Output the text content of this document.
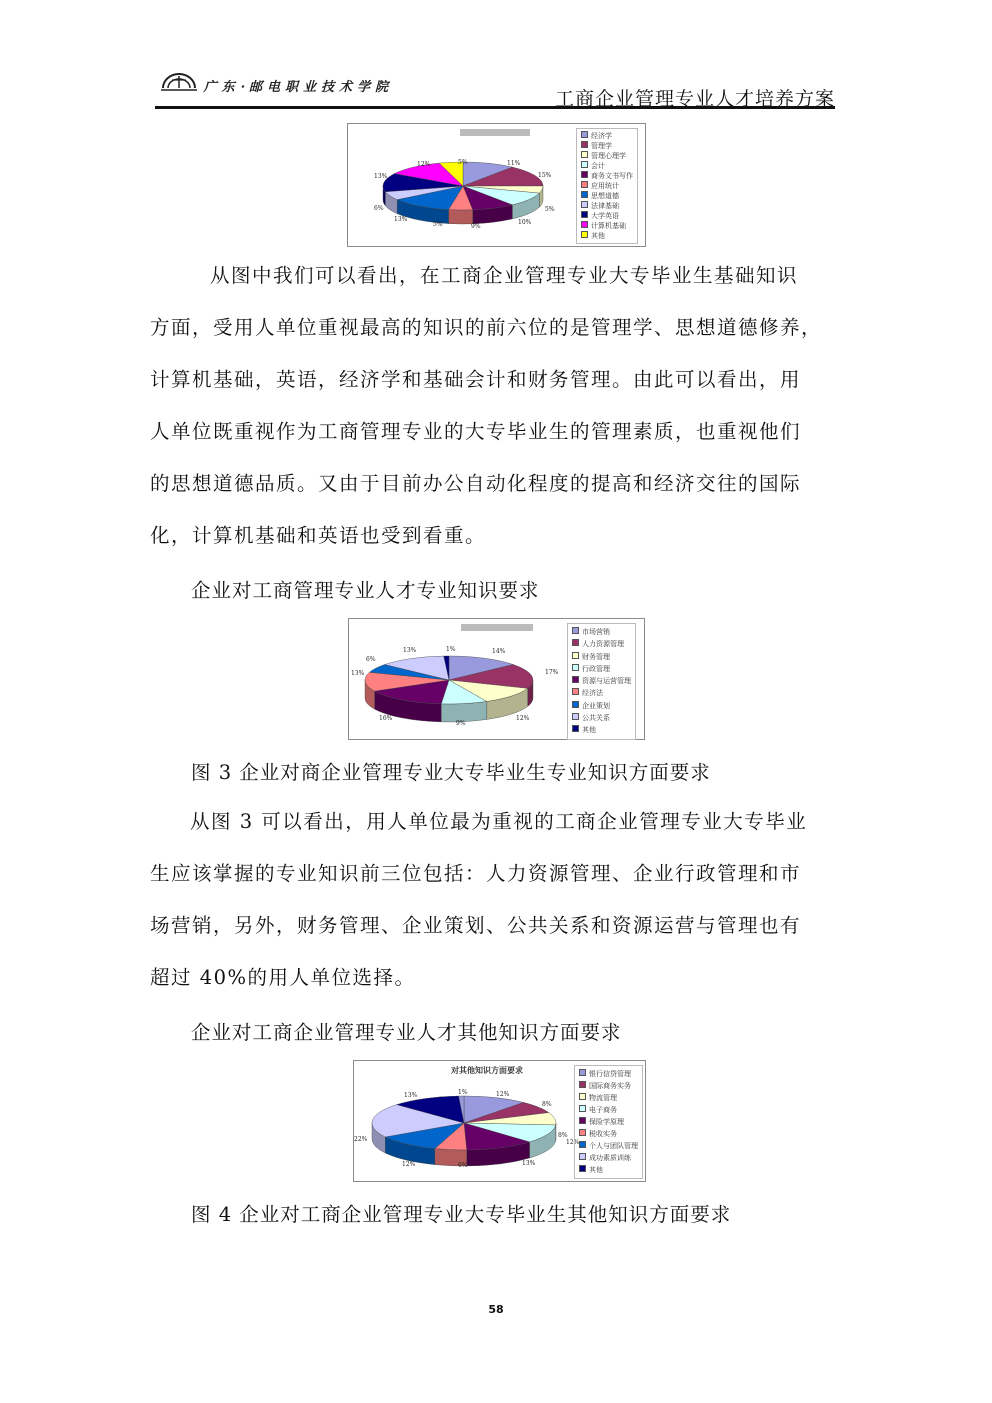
广东·邮电职业技术学院
工商企业管理专业人才培养方案
11%
15%
5%
10%
9%
5%
13%
6%
13%
12%	5%
经济学
管理学
管理心理学
会计
商务文书写作
应用统计
思想道德
法律基础
大学英语
计算机基础
其他
从图中我们可以看出，在工商企业管理专业大专毕业生基础知识
方面，受用人单位重视最高的知识的前六位的是管理学、思想道德修养，
计算机基础，英语，经济学和基础会计和财务管理。由此可以看出，用
人单位既重视作为工商管理专业的大专毕业生的管理素质，也重视他们
的思想道德品质。又由于目前办公自动化程度的提高和经济交往的国际
化，计算机基础和英语也受到看重。
企业对工商管理专业人才专业知识要求
14%
17%
12%
9%
16%
13%
6%
13%	1%
市场营销
人力资源管理
财务管理
行政管理
资源与运营管理
经济法
企业策划
公共关系
其他
图 3 企业对商企业管理专业大专毕业生专业知识方面要求
从图 3 可以看出，用人单位最为重视的工商企业管理专业大专毕业
生应该掌握的专业知识前三位包括：人力资源管理、企业行政管理和市
场营销，另外，财务管理、企业策划、公共关系和资源运营与管理也有
超过 40%的用人单位选择。
企业对工商企业管理专业人才其他知识方面要求
对其他知识方面要求
12%
8%
8%
12%
13%
6%
12%
22%
13%	1%
银行信贷管理
国际商务实务
物流管理
电子商务
保险学原理
税收实务
个人与团队管理
成功素质训练
其他
图 4 企业对工商企业管理专业大专毕业生其他知识方面要求
58
